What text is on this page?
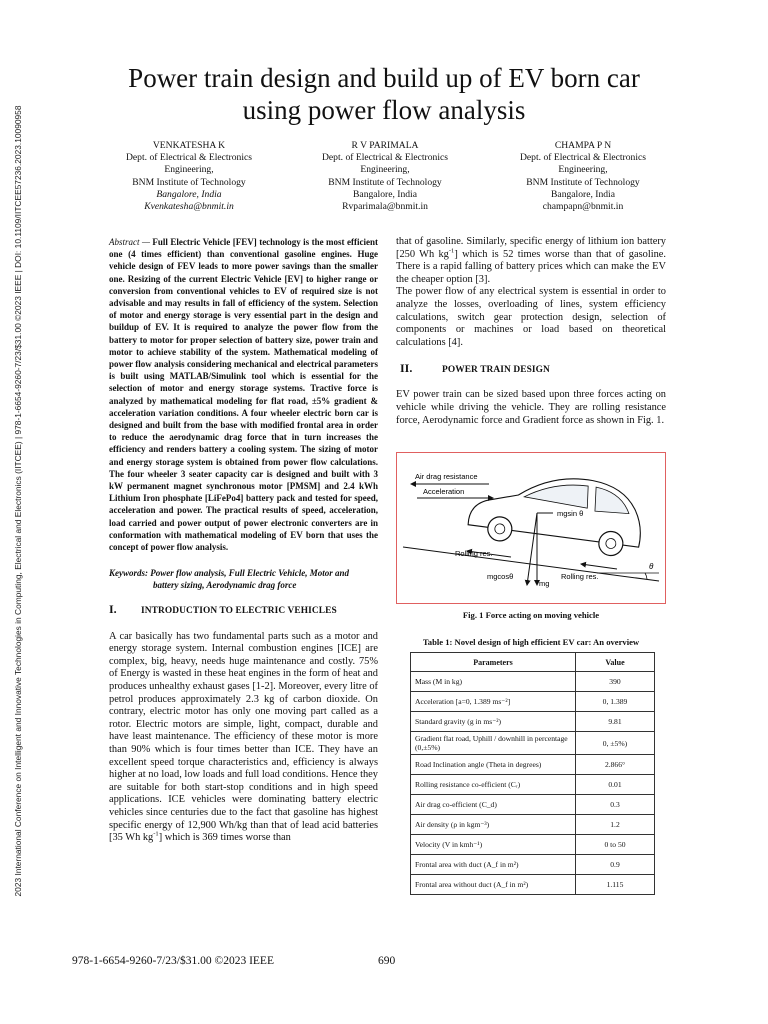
2023 International Conference on Intelligent and Innovative Technologies in Computing, Electrical and Electronics (IITCEE) | 978-1-6654-9260-7/23/$31.00 ©2023 IEEE | DOI: 10.1109/IITCEE57236.2023.10090958
Power train design and build up of EV born car
using power flow analysis
VENKATESHA K
Dept. of Electrical & Electronics
Engineering,
BNM Institute of Technology
Bangalore, India
Kvenkatesha@bnmit.in
R V PARIMALA
Dept. of Electrical & Electronics
Engineering,
BNM Institute of Technology
Bangalore, India
Rvparimala@bnmit.in
CHAMPA P N
Dept. of Electrical & Electronics
Engineering,
BNM Institute of Technology
Bangalore, India
champapn@bnmit.in

Abstract — Full Electric Vehicle [FEV] technology is the most efficient one (4 times efficient) than conventional gasoline engines. Huge vehicle design of FEV leads to more power savings than the smaller one. Resizing of the current Electric Vehicle [EV] to higher range or conversion from conventional vehicles to EV of required size is not advisable and may results in fall of efficiency of the system. Selection of motor and energy storage is very essential part in the design and buildup of EV. It is required to analyze the power flow from the battery to motor for proper selection of battery size, power train and motor to achieve stability of the system. Mathematical modeling of power flow analysis considering mechanical and electrical parameters is built using MATLAB/Simulink tool which is essential for the selection of motor and energy storage systems. Tractive force is analyzed by mathematical modeling for flat road, ±5% gradient & acceleration variation conditions. A four wheeler electric born car is designed and built from the base with modified frontal area in order to reduce the aerodynamic drag force that in turn increases the efficiency and renders battery a cooling system. The sizing of motor and energy storage system is obtained from power flow calculations. The four wheeler 3 seater capacity car is designed and built with 3 kW permanent magnet synchronous motor [PMSM] and 2.4 kWh Lithium Iron phosphate [LiFePo4] battery pack and tested for speed, acceleration and power. The practical results of speed, acceleration, load carried and power output of power electronic converters are in conformation with mathematical modeling of EV born that uses the concept of power flow analysis.

Keywords: Power flow analysis, Full Electric Vehicle, Motor and
battery sizing, Aerodynamic drag force

I.	INTRODUCTION TO ELECTRIC VEHICLES

A car basically has two fundamental parts such as a motor and energy storage system. Internal combustion engines [ICE] are complex, big, heavy, needs huge maintenance and costly. 75% of Energy is wasted in these heat engines in the form of heat and produces unhealthy exhaust gases [1-2]. Moreover, every litre of petrol produces approximately 2.3 kg of carbon dioxide. On contrary, electric motor has only one moving part called as a rotor. Electric motors are simple, light, compact, durable and have least maintenance. The efficiency of these motor is more than 90% which is four times better than ICE. They have an excellent speed torque characteristics and, efficiency is always higher at no load, low loads and full load conditions. Hence they are suitable for both start-stop conditions and in high speed applications. ICE vehicles were dominating battery electric vehicles since centuries due to the fact that gasoline has highest specific energy of 12,900 Wh/kg than that of lead acid batteries [35 Wh $kg^{-1}$] which is 369 times worse than

that of gasoline. Similarly, specific energy of lithium ion battery [250 Wh $kg^{-1}$] which is 52 times worse than that of gasoline. There is a rapid falling of battery prices which can make the EV the cheaper option [3].

The power flow of any electrical system is essential in order to analyze the losses, overloading of lines, system efficiency calculations, switch gear protection design, selection of components or machines or load based on theoretical calculations [4].

II.	POWER TRAIN DESIGN

EV power train can be sized based upon three forces acting on vehicle while driving the vehicle. They are rolling resistance force, Aerodynamic force and Gradient force as shown in Fig. 1.

Air drag resistance
Acceleration
mgsin θ
mg
mgcosθ
Rolling res.
Rolling res.
θ
Fig. 1 Force acting on moving vehicle
Table 1: Novel design of high efficient EV car: An overview
Parameters	Value
Mass (M in kg)	390
Acceleration [a=0, 1.389 ms⁻²]	0, 1.389
Standard gravity (g in ms⁻²)	9.81
Gradient flat road, Uphill / downhill in percentage (0,±5%)	0, ±5%)
Road Inclination angle (Theta in degrees)	2.866°
Rolling resistance co-efficient (Cᵣ)	0.01
Air drag co-efficient (C_d)	0.3
Air density (ρ in kgm⁻³)	1.2
Velocity (V in kmh⁻¹)	0 to 50
Frontal area with duct (A_f in m²)	0.9
Frontal area without duct (A_f in m²)	1.115
978-1-6654-9260-7/23/$31.00 ©2023 IEEE	690
